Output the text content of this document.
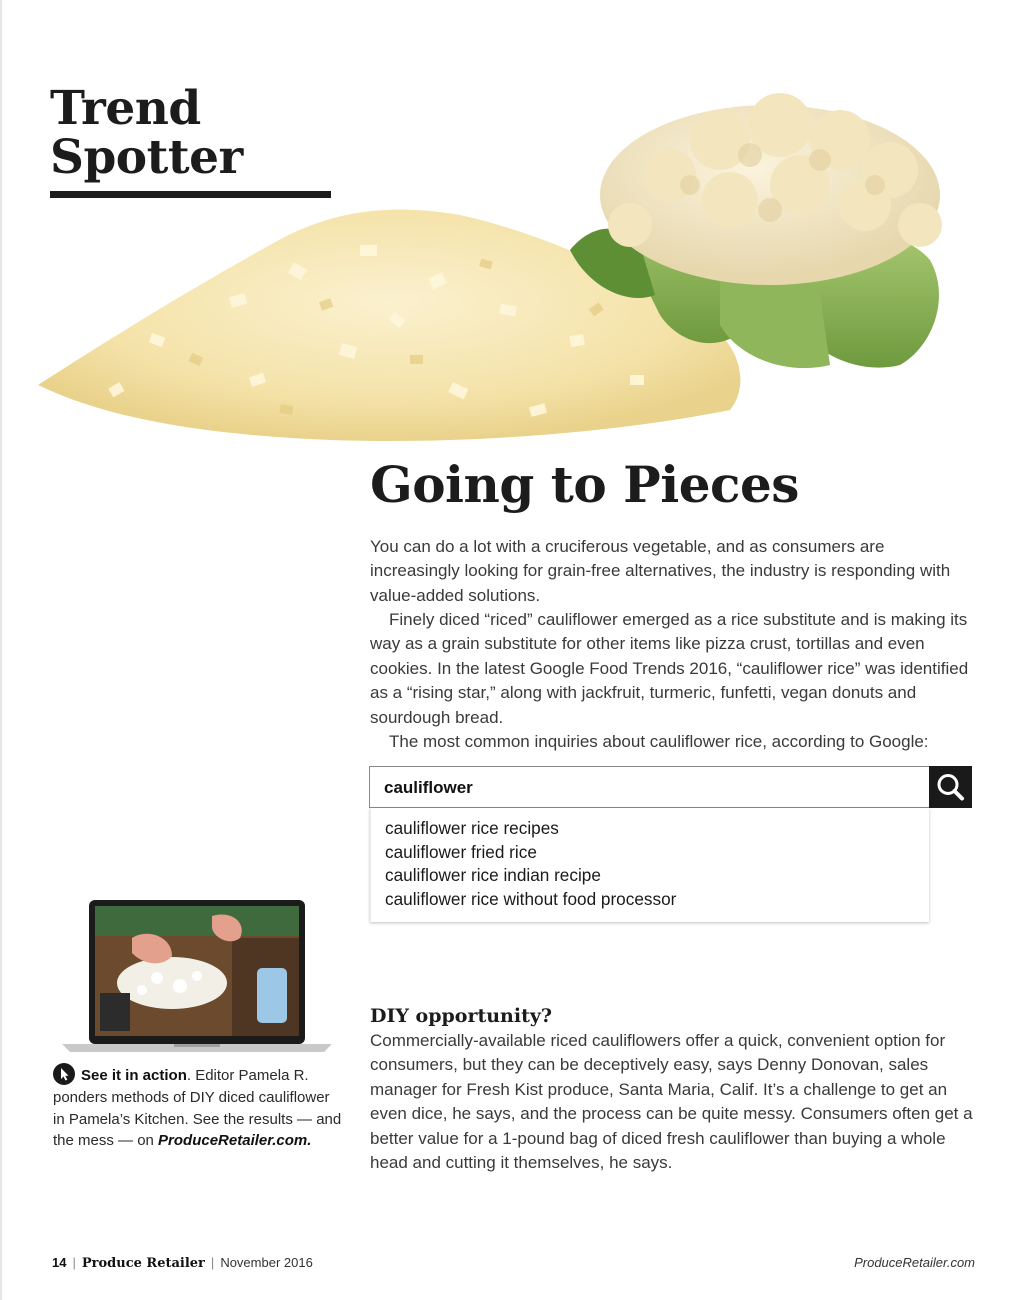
Trend
Spotter
Going to Pieces

You can do a lot with a cruciferous vegetable, and as consumers are increasingly looking for grain-free alternatives, the industry is responding with value-added solutions.

Finely diced “riced” cauliflower emerged as a rice substitute and is making its way as a grain substitute for other items like pizza crust, tortillas and even cookies. In the latest Google Food Trends 2016, “cauliflower rice” was identified as a “rising star,” along with jackfruit, turmeric, funfetti, vegan donuts and sourdough bread.

The most common inquiries about cauliflower rice, according to Google:

cauliflower
cauliflower rice recipes
cauliflower fried rice
cauliflower rice indian recipe
cauliflower rice without food processor

See it in action. Editor Pamela R. ponders methods of DIY diced cauliflower in Pamela’s Kitchen. See the results — and the mess — on ProduceRetailer.com.

DIY opportunity?

Commercially-available riced cauliflowers offer a quick, convenient option for consumers, but they can be deceptively easy, says Denny Donovan, sales manager for Fresh Kist produce, Santa Maria, Calif. It’s a challenge to get an even dice, he says, and the process can be quite messy. Consumers often get a better value for a 1-pound bag of diced fresh cauliflower than buying a whole head and cutting it themselves, he says.

14 | Produce Retailer | November 2016	ProduceRetailer.com
